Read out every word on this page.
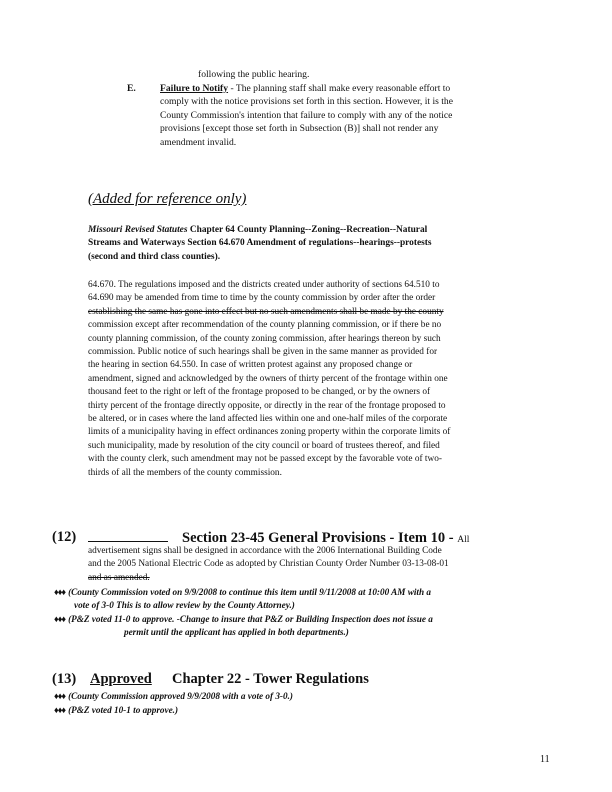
following the public hearing.
E.	Failure to Notify - The planning staff shall make every reasonable effort to
comply with the notice provisions set forth in this section. However, it is the
County Commission's intention that failure to comply with any of the notice
provisions [except those set forth in Subsection (B)] shall not render any
amendment invalid.
(Added for reference only)
Missouri Revised Statutes Chapter 64 County Planning--Zoning--Recreation--Natural
Streams and Waterways Section 64.670 Amendment of regulations--hearings--protests
(second and third class counties).
64.670. The regulations imposed and the districts created under authority of sections 64.510 to
64.690 may be amended from time to time by the county commission by order after the order
establishing the same has gone into effect but no such amendments shall be made by the county
commission except after recommendation of the county planning commission, or if there be no
county planning commission, of the county zoning commission, after hearings thereon by such
commission. Public notice of such hearings shall be given in the same manner as provided for
the hearing in section 64.550. In case of written protest against any proposed change or
amendment, signed and acknowledged by the owners of thirty percent of the frontage within one
thousand feet to the right or left of the frontage proposed to be changed, or by the owners of
thirty percent of the frontage directly opposite, or directly in the rear of the frontage proposed to
be altered, or in cases where the land affected lies within one and one-half miles of the corporate
limits of a municipality having in effect ordinances zoning property within the corporate limits of
such municipality, made by resolution of the city council or board of trustees thereof, and filed
with the county clerk, such amendment may not be passed except by the favorable vote of two-
thirds of all the members of the county commission.
(12)	Section 23-45 General Provisions - Item 10 - All
advertisement signs shall be designed in accordance with the 2006 International Building Code
and the 2005 National Electric Code as adopted by Christian County Order Number 03-13-08-01
and as amended.
♦♦♦ (County Commission voted on 9/9/2008 to continue this item until 9/11/2008 at 10:00 AM with a
vote of 3-0 This is to allow review by the County Attorney.)
♦♦♦ (P&Z voted 11-0 to approve. -Change to insure that P&Z or Building Inspection does not issue a
permit until the applicant has applied in both departments.)
(13) Approved Chapter 22 - Tower Regulations
♦♦♦ (County Commission approved 9/9/2008 with a vote of 3-0.)
♦♦♦ (P&Z voted 10-1 to approve.)
11
